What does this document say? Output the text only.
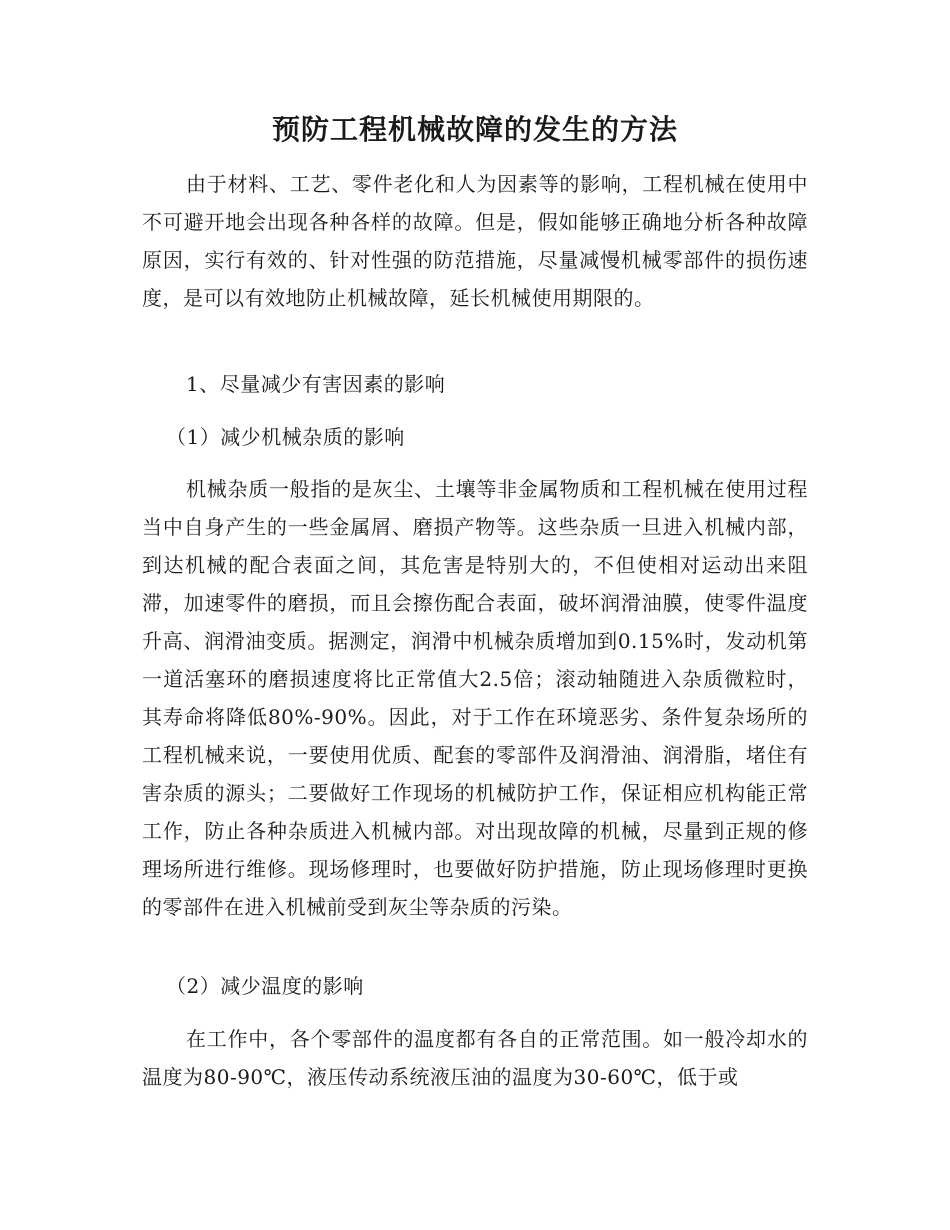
预防工程机械故障的发生的方法
由于材料、工艺、零件老化和人为因素等的影响，工程机械在使用中不可避开地会出现各种各样的故障。但是，假如能够正确地分析各种故障原因，实行有效的、针对性强的防范措施，尽量减慢机械零部件的损伤速度，是可以有效地防止机械故障，延长机械使用期限的。
1、尽量减少有害因素的影响
（1）减少机械杂质的影响
机械杂质一般指的是灰尘、土壤等非金属物质和工程机械在使用过程当中自身产生的一些金属屑、磨损产物等。这些杂质一旦进入机械内部，到达机械的配合表面之间，其危害是特别大的，不但使相对运动出来阻滞，加速零件的磨损，而且会擦伤配合表面，破坏润滑油膜，使零件温度升高、润滑油变质。据测定，润滑中机械杂质增加到0.15%时，发动机第一道活塞环的磨损速度将比正常值大2.5倍；滚动轴随进入杂质微粒时，其寿命将降低80%-90%。因此，对于工作在环境恶劣、条件复杂场所的工程机械来说，一要使用优质、配套的零部件及润滑油、润滑脂，堵住有害杂质的源头；二要做好工作现场的机械防护工作，保证相应机构能正常工作，防止各种杂质进入机械内部。对出现故障的机械，尽量到正规的修理场所进行维修。现场修理时，也要做好防护措施，防止现场修理时更换的零部件在进入机械前受到灰尘等杂质的污染。
（2）减少温度的影响
在工作中，各个零部件的温度都有各自的正常范围。如一般冷却水的温度为80-90℃，液压传动系统液压油的温度为30-60℃，低于或
